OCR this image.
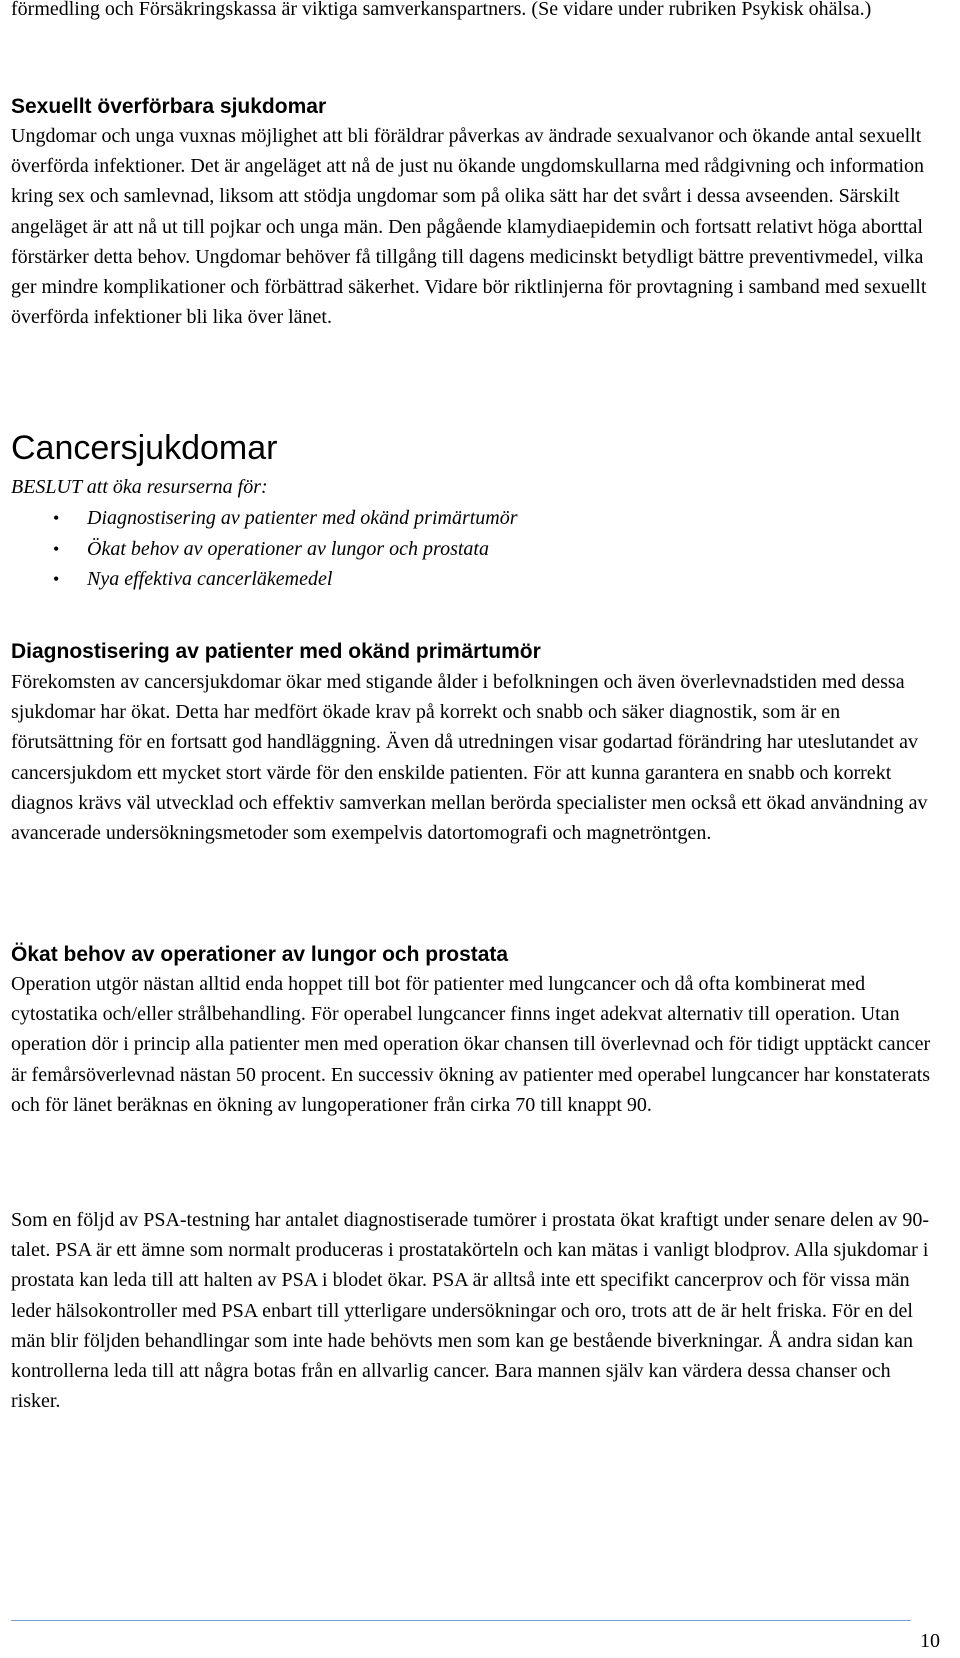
förmedling och Försäkringskassa är viktiga samverkanspartners. (Se vidare under rubriken Psykisk ohälsa.)

Sexuellt överförbara sjukdomar

Ungdomar och unga vuxnas möjlighet att bli föräldrar påverkas av ändrade sexualvanor och ökande antal sexuellt överförda infektioner. Det är angeläget att nå de just nu ökande ungdomskullarna med rådgivning och information kring sex och samlevnad, liksom att stödja ungdomar som på olika sätt har det svårt i dessa avseenden. Särskilt angeläget är att nå ut till pojkar och unga män. Den pågående klamydiaepidemin och fortsatt relativt höga aborttal förstärker detta behov. Ungdomar behöver få tillgång till dagens medicinskt betydligt bättre preventivmedel, vilka ger mindre komplikationer och förbättrad säkerhet. Vidare bör riktlinjerna för provtagning i samband med sexuellt överförda infektioner bli lika över länet.

Cancersjukdomar

BESLUT att öka resurserna för:

• Diagnostisering av patienter med okänd primärtumör
• Ökat behov av operationer av lungor och prostata
• Nya effektiva cancerläkemedel
Diagnostisering av patienter med okänd primärtumör

Förekomsten av cancersjukdomar ökar med stigande ålder i befolkningen och även överlevnadstiden med dessa sjukdomar har ökat. Detta har medfört ökade krav på korrekt och snabb och säker diagnostik, som är en förutsättning för en fortsatt god handläggning. Även då utredningen visar godartad förändring har uteslutandet av cancersjukdom ett mycket stort värde för den enskilde patienten. För att kunna garantera en snabb och korrekt diagnos krävs väl utvecklad och effektiv samverkan mellan berörda specialister men också ett ökad användning av avancerade undersökningsmetoder som exempelvis datortomografi och magnetröntgen.

Ökat behov av operationer av lungor och prostata

Operation utgör nästan alltid enda hoppet till bot för patienter med lungcancer och då ofta kombinerat med cytostatika och/eller strålbehandling. För operabel lungcancer finns inget adekvat alternativ till operation. Utan operation dör i princip alla patienter men med operation ökar chansen till överlevnad och för tidigt upptäckt cancer är femårsöverlevnad nästan 50 procent. En successiv ökning av patienter med operabel lungcancer har konstaterats och för länet beräknas en ökning av lungoperationer från cirka 70 till knappt 90.

Som en följd av PSA-testning har antalet diagnostiserade tumörer i prostata ökat kraftigt under senare delen av 90-talet. PSA är ett ämne som normalt produceras i prostatakörteln och kan mätas i vanligt blodprov. Alla sjukdomar i prostata kan leda till att halten av PSA i blodet ökar. PSA är alltså inte ett specifikt cancerprov och för vissa män leder hälsokontroller med PSA enbart till ytterligare undersökningar och oro, trots att de är helt friska. För en del män blir följden behandlingar som inte hade behövts men som kan ge bestående biverkningar. Å andra sidan kan kontrollerna leda till att några botas från en allvarlig cancer. Bara mannen själv kan värdera dessa chanser och risker.

10
